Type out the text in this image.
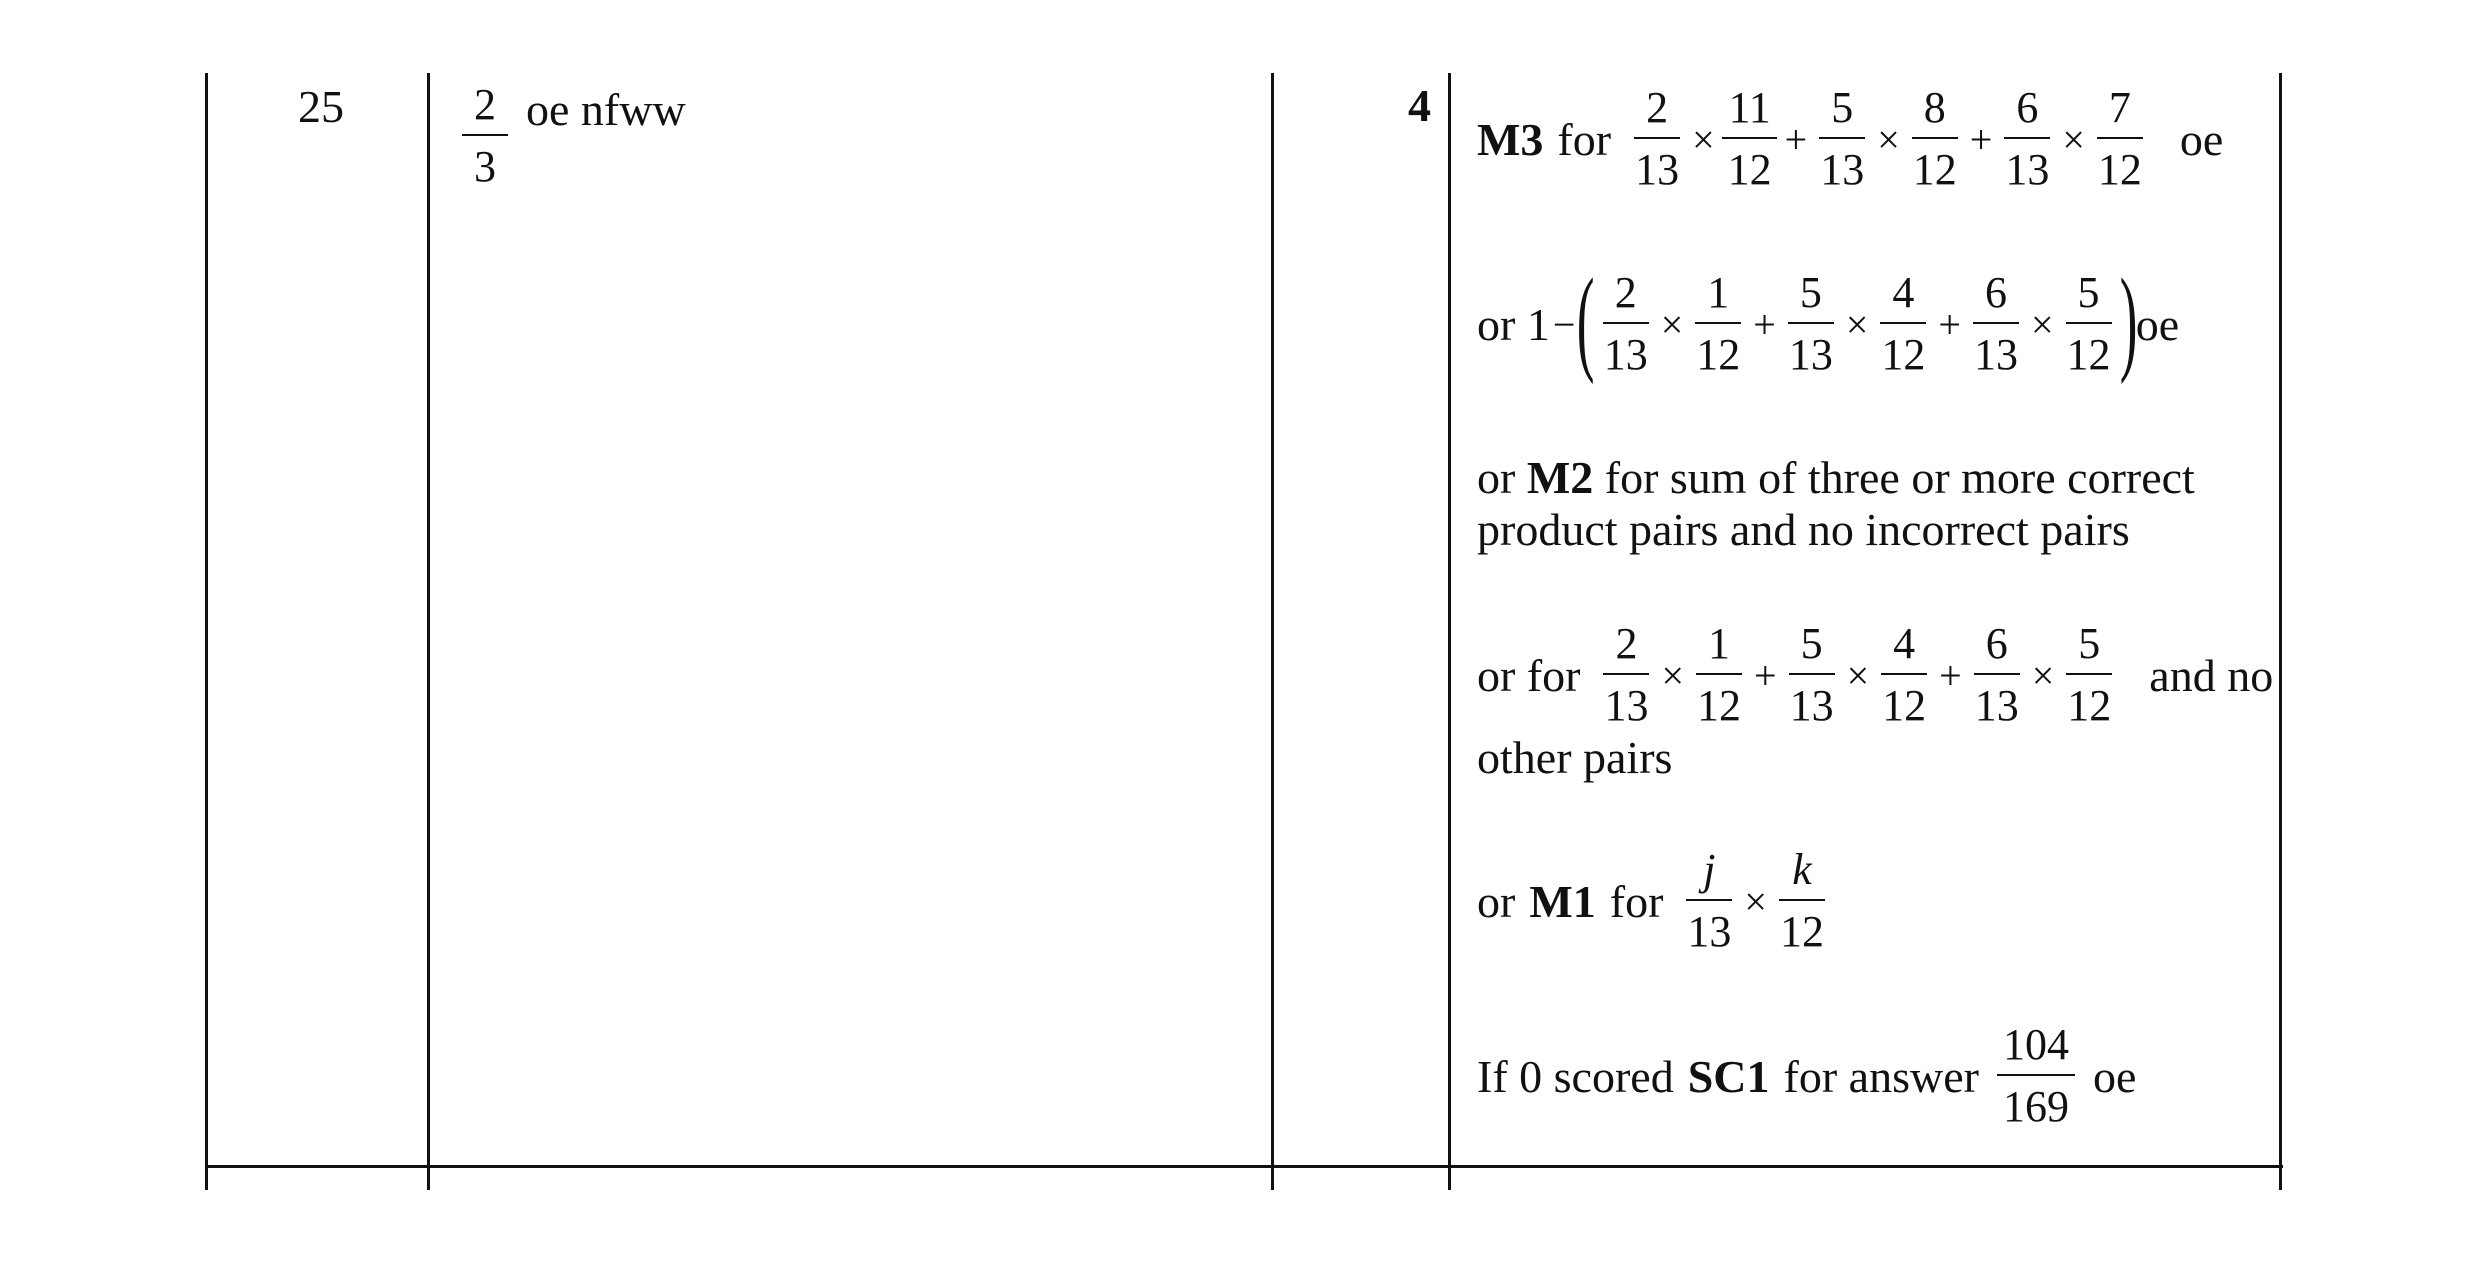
25	2
3
oe nfww	4
M3 for $\frac{2}{13} \times \frac{11}{12} + \frac{5}{13} \times \frac{8}{12} + \frac{6}{13} \times \frac{7}{12}$ oe
or 1 − ( $\frac{2}{13} \times \frac{1}{12} + \frac{5}{13} \times \frac{4}{12} + \frac{6}{13} \times \frac{5}{12}$ )
oe
or M2 for sum of three or more correct
product pairs and no incorrect pairs
or for $\frac{2}{13} \times \frac{1}{12} + \frac{5}{13} \times \frac{4}{12} + \frac{6}{13} \times \frac{5}{12}$ and no
other pairs
or M1 for $\frac{j}{13} \times \frac{k}{12}$
If 0 scored SC1 for answer
104
169
oe
